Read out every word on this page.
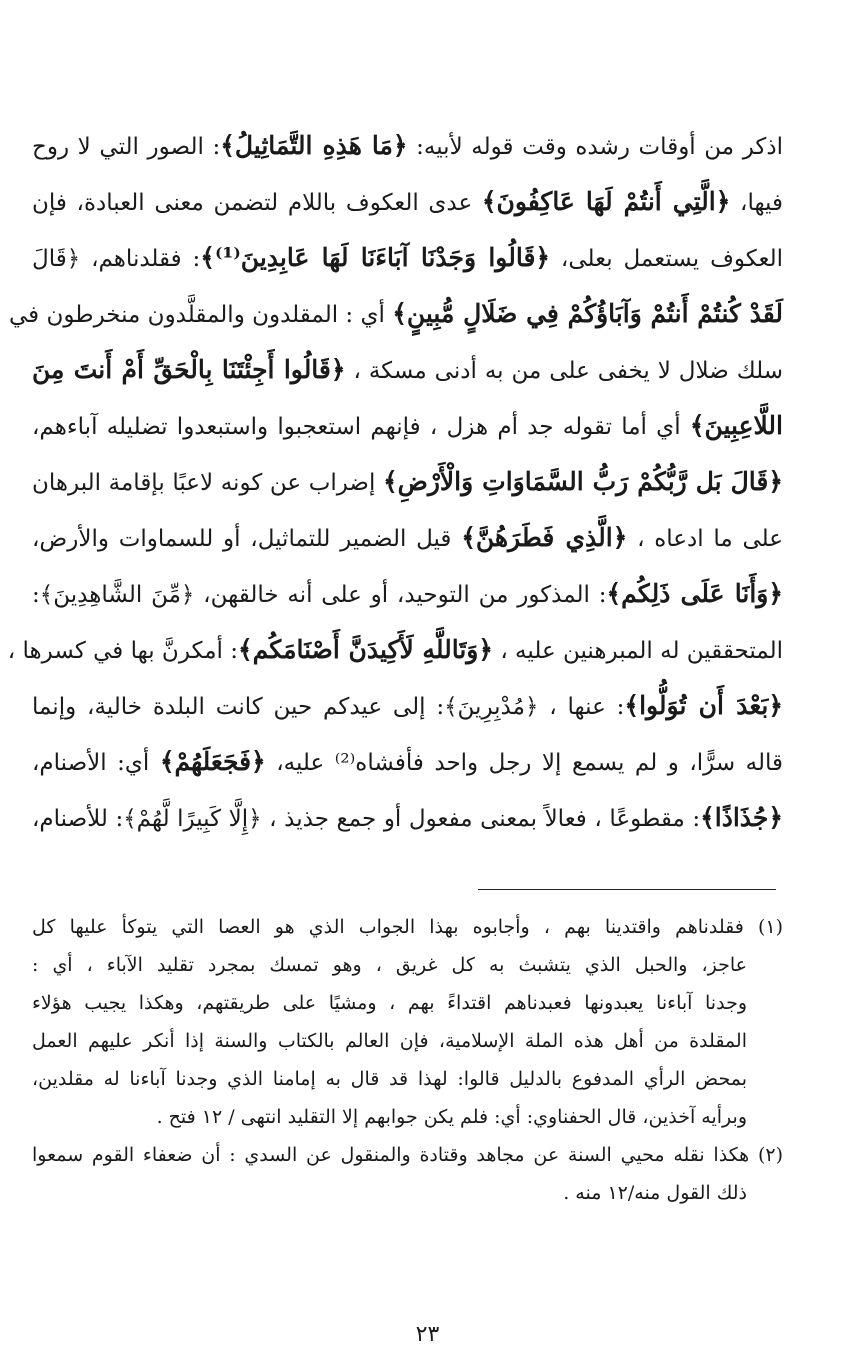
اذكر من أوقات رشده وقت قوله لأبيه: ﴿مَا هَذِهِ التَّمَاثِيلُ﴾: الصور التي لا روح
فيها، ﴿الَّتِي أَنتُمْ لَهَا عَاكِفُونَ﴾ عدى العكوف باللام لتضمن معنى العبادة، فإن
العكوف يستعمل بعلى، ﴿قَالُوا وَجَدْنَا آبَاءَنَا لَهَا عَابِدِينَ⁽¹⁾﴾: فقلدناهم، ﴿قَالَ
لَقَدْ كُنتُمْ أَنتُمْ وَآبَاؤُكُمْ فِي ضَلَالٍ مُّبِينٍ﴾ أي : المقلدون والمقلَّدون منخرطون في
سلك ضلال لا يخفى على من به أدنى مسكة ، ﴿قَالُوا أَجِئْتَنَا بِالْحَقِّ أَمْ أَنتَ مِنَ
اللَّاعِبِينَ﴾ أي أما تقوله جد أم هزل ، فإنهم استعجبوا واستبعدوا تضليله آباءهم،
﴿قَالَ بَل رَّبُّكُمْ رَبُّ السَّمَاوَاتِ وَالْأَرْضِ﴾ إضراب عن كونه لاعبًا بإقامة البرهان
على ما ادعاه ، ﴿الَّذِي فَطَرَهُنَّ﴾ قيل الضمير للتماثيل، أو للسماوات والأرض،
﴿وَأَنَا عَلَى ذَلِكُم﴾: المذكور من التوحيد، أو على أنه خالقهن، ﴿مِّنَ الشَّاهِدِينَ﴾:
المتحققين له المبرهنين عليه ، ﴿وَتَاللَّهِ لَأَكِيدَنَّ أَصْنَامَكُم﴾: أمكرنَّ بها في كسرها ،
﴿بَعْدَ أَن تُوَلُّوا﴾: عنها ، ﴿مُدْبِرِينَ﴾: إلى عيدكم حين كانت البلدة خالية، وإنما
قاله سرًّا، و لم يسمع إلا رجل واحد فأفشاه⁽²⁾ عليه، ﴿فَجَعَلَهُمْ﴾ أي: الأصنام،
﴿جُذَاذًا﴾: مقطوعًا ، فعالاً بمعنى مفعول أو جمع جذيذ ، ﴿إِلَّا كَبِيرًا لَّهُمْ﴾: للأصنام،
(١) فقلدناهم واقتدينا بهم ، وأجابوه بهذا الجواب الذي هو العصا التي يتوكأ عليها كل
عاجز، والحبل الذي يتشبث به كل غريق ، وهو تمسك بمجرد تقليد الآباء ، أي :
وجدنا آباءنا يعبدونها فعبدناهم اقتداءً بهم ، ومشيًا على طريقتهم، وهكذا يجيب هؤلاء
المقلدة من أهل هذه الملة الإسلامية، فإن العالم بالكتاب والسنة إذا أنكر عليهم العمل
بمحض الرأي المدفوع بالدليل قالوا: لهذا قد قال به إمامنا الذي وجدنا آباءنا له مقلدين،
وبرأيه آخذين، قال الحفناوي: أي: فلم يكن جوابهم إلا التقليد انتهى / ١٢ فتح .
(٢) هكذا نقله محيي السنة عن مجاهد وقتادة والمنقول عن السدي : أن ضعفاء القوم سمعوا
ذلك القول منه/١٢ منه .
٢٣
